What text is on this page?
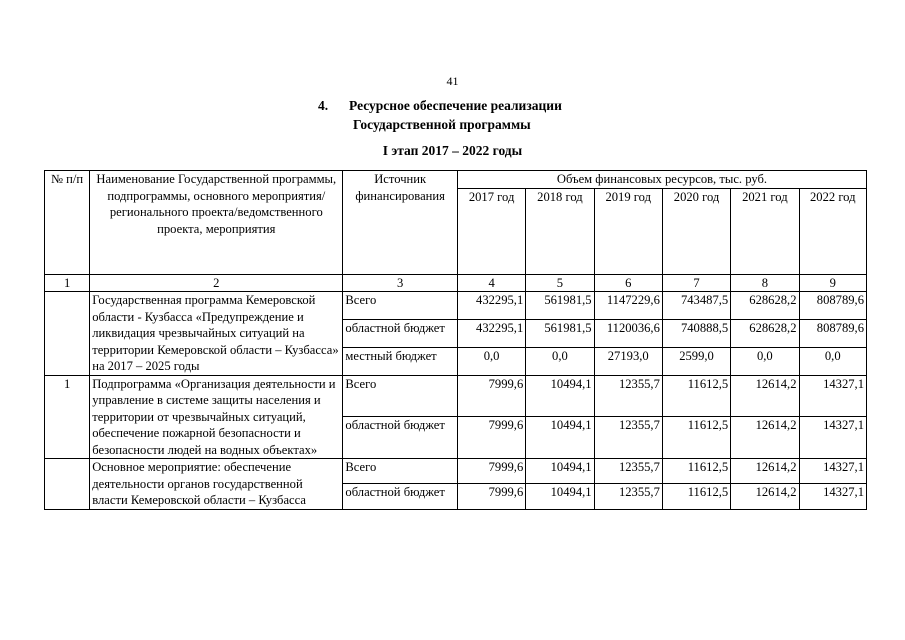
41
4. Ресурсное обеспечение реализации
Государственной программы
I этап 2017 – 2022 годы
№ п/п	Наименование Государственной программы, подпрограммы, основного мероприятия/регионального проекта/ведомственного проекта, мероприятия	Источник финансирования	Объем финансовых ресурсов, тыс. руб.					
			2017 год	2018 год	2019 год	2020 год	2021 год	2022 год
1	2	3	4	5	6	7	8	9
	Государственная программа Кемеровской области - Кузбасса «Предупреждение и ликвидация чрезвычайных ситуаций на территории Кемеровской области – Кузбасса» на 2017 – 2025 годы	Всего	432295,1	561981,5	1147229,6	743487,5	628628,2	808789,6
		областной бюджет	432295,1	561981,5	1120036,6	740888,5	628628,2	808789,6
		местный бюджет	0,0	0,0	27193,0	2599,0	0,0	0,0
1	Подпрограмма «Организация деятельности и управление в системе защиты населения и территории от чрезвычайных ситуаций, обеспечение пожарной безопасности и безопасности людей на водных объектах»	Всего	7999,6	10494,1	12355,7	11612,5	12614,2	14327,1
		областной бюджет	7999,6	10494,1	12355,7	11612,5	12614,2	14327,1
	Основное мероприятие: обеспечение деятельности органов государственной власти Кемеровской области – Кузбасса	Всего	7999,6	10494,1	12355,7	11612,5	12614,2	14327,1
		областной бюджет	7999,6	10494,1	12355,7	11612,5	12614,2	14327,1
